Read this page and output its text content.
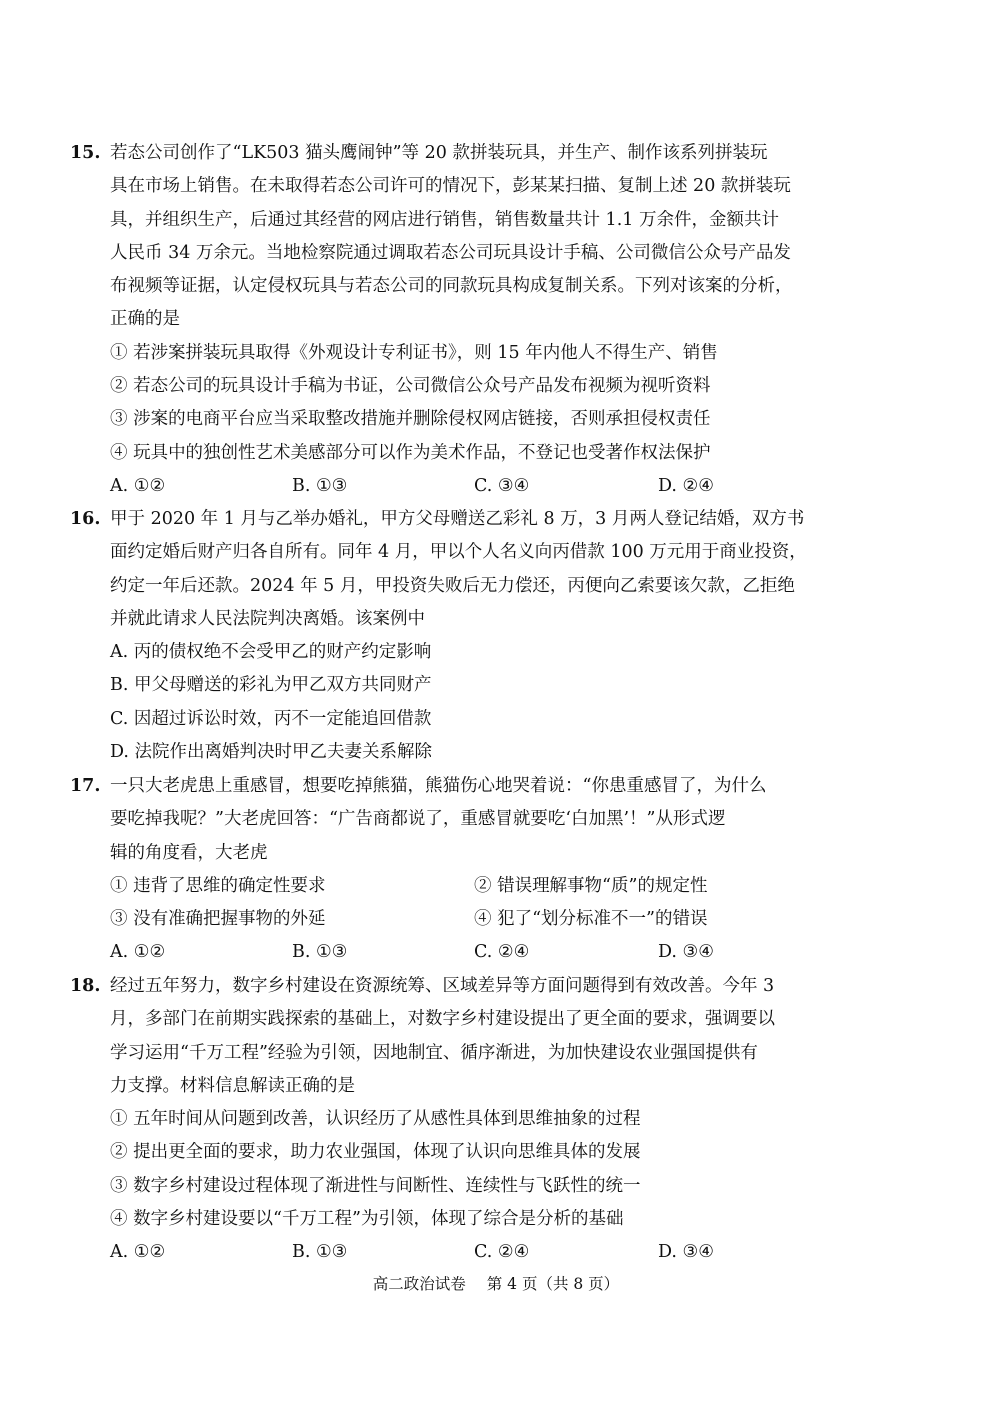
15. 若态公司创作了“LK503 猫头鹰闹钟”等 20 款拼装玩具，并生产、制作该系列拼装玩
具在市场上销售。在未取得若态公司许可的情况下，彭某某扫描、复制上述 20 款拼装玩
具，并组织生产，后通过其经营的网店进行销售，销售数量共计 1.1 万余件，金额共计
人民币 34 万余元。当地检察院通过调取若态公司玩具设计手稿、公司微信公众号产品发
布视频等证据，认定侵权玩具与若态公司的同款玩具构成复制关系。下列对该案的分析，
正确的是
① 若涉案拼装玩具取得《外观设计专利证书》，则 15 年内他人不得生产、销售
② 若态公司的玩具设计手稿为书证，公司微信公众号产品发布视频为视听资料
③ 涉案的电商平台应当采取整改措施并删除侵权网店链接，否则承担侵权责任
④ 玩具中的独创性艺术美感部分可以作为美术作品，不登记也受著作权法保护
A. ①②	B. ①③	C. ③④	D. ②④
16. 甲于 2020 年 1 月与乙举办婚礼，甲方父母赠送乙彩礼 8 万，3 月两人登记结婚，双方书
面约定婚后财产归各自所有。同年 4 月，甲以个人名义向丙借款 100 万元用于商业投资，
约定一年后还款。2024 年 5 月，甲投资失败后无力偿还，丙便向乙索要该欠款，乙拒绝
并就此请求人民法院判决离婚。该案例中
A. 丙的债权绝不会受甲乙的财产约定影响
B. 甲父母赠送的彩礼为甲乙双方共同财产
C. 因超过诉讼时效，丙不一定能追回借款
D. 法院作出离婚判决时甲乙夫妻关系解除
17. 一只大老虎患上重感冒，想要吃掉熊猫，熊猫伤心地哭着说：“你患重感冒了，为什么
要吃掉我呢？”大老虎回答：“广告商都说了，重感冒就要吃‘白加黑’！”从形式逻
辑的角度看，大老虎
① 违背了思维的确定性要求	② 错误理解事物“质”的规定性
③ 没有准确把握事物的外延	④ 犯了“划分标准不一”的错误
A. ①②	B. ①③	C. ②④	D. ③④
18. 经过五年努力，数字乡村建设在资源统筹、区域差异等方面问题得到有效改善。今年 3
月，多部门在前期实践探索的基础上，对数字乡村建设提出了更全面的要求，强调要以
学习运用“千万工程”经验为引领，因地制宜、循序渐进，为加快建设农业强国提供有
力支撑。材料信息解读正确的是
① 五年时间从问题到改善，认识经历了从感性具体到思维抽象的过程
② 提出更全面的要求，助力农业强国，体现了认识向思维具体的发展
③ 数字乡村建设过程体现了渐进性与间断性、连续性与飞跃性的统一
④ 数字乡村建设要以“千万工程”为引领，体现了综合是分析的基础
A. ①②	B. ①③	C. ②④	D. ③④
高二政治试卷 第 4 页（共 8 页）
